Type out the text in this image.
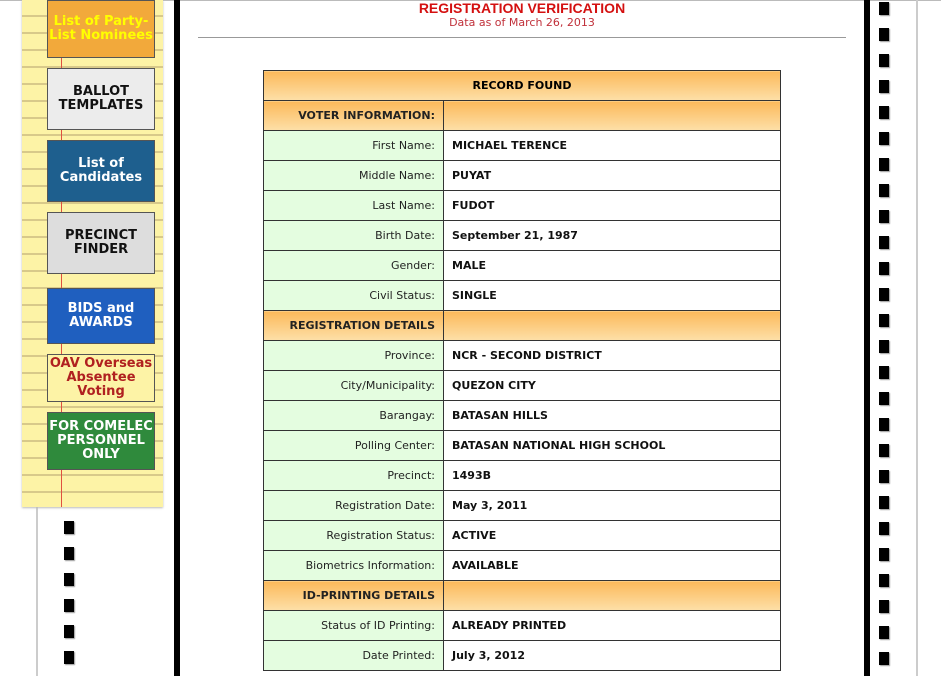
List of Party-List Nominees
BALLOT TEMPLATES
List of Candidates
PRECINCT FINDER
BIDS and AWARDS
OAV Overseas Absentee Voting
FOR COMELEC PERSONNEL ONLY
REGISTRATION VERIFICATION
Data as of March 26, 2013
RECORD FOUND	
VOTER INFORMATION:	
First Name:	MICHAEL TERENCE
Middle Name:	PUYAT
Last Name:	FUDOT
Birth Date:	September 21, 1987
Gender:	MALE
Civil Status:	SINGLE
REGISTRATION DETAILS	
Province:	NCR - SECOND DISTRICT
City/Municipality:	QUEZON CITY
Barangay:	BATASAN HILLS
Polling Center:	BATASAN NATIONAL HIGH SCHOOL
Precinct:	1493B
Registration Date:	May 3, 2011
Registration Status:	ACTIVE
Biometrics Information:	AVAILABLE
ID-PRINTING DETAILS	
Status of ID Printing:	ALREADY PRINTED
Date Printed:	July 3, 2012
